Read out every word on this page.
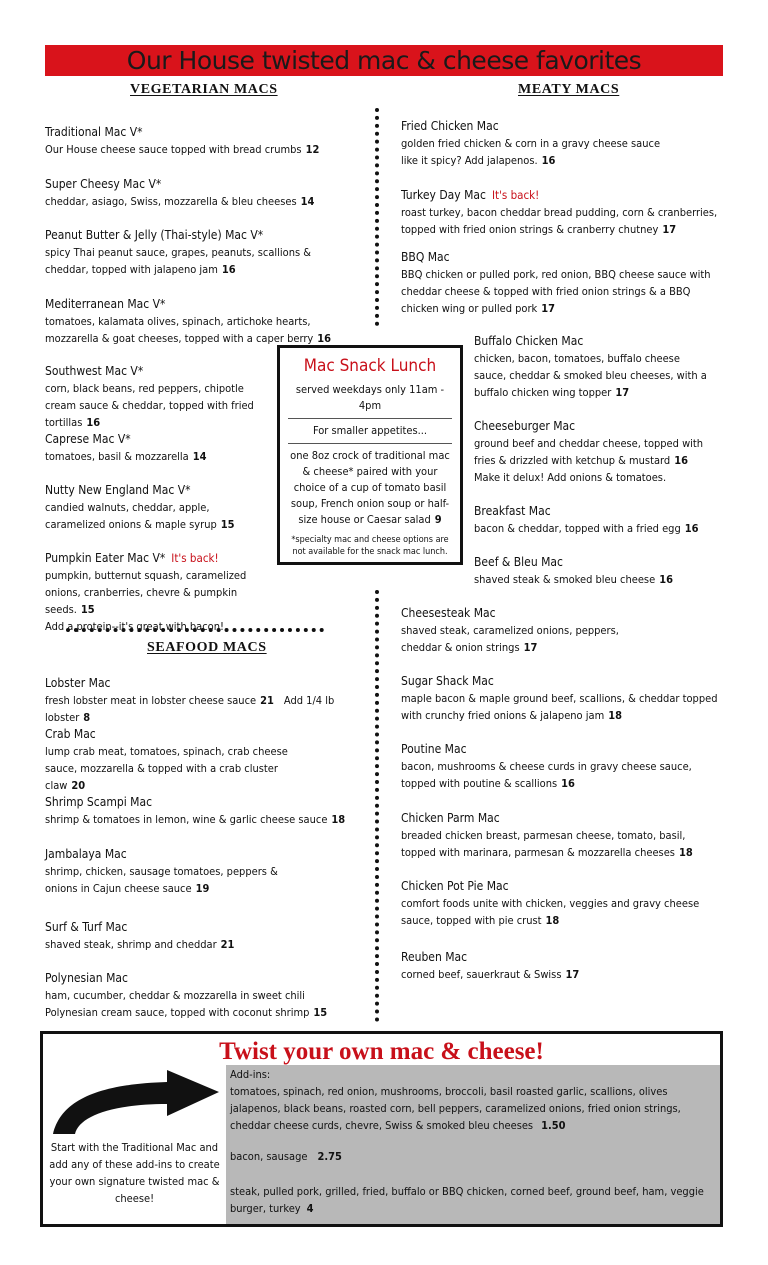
Our House twisted mac & cheese favorites
VEGETARIAN MACS
Traditional Mac V*
Our House cheese sauce topped with bread crumbs 12
Super Cheesy Mac V*
cheddar, asiago, Swiss, mozzarella & bleu cheeses 14
Peanut Butter & Jelly (Thai-style) Mac V*
spicy Thai peanut sauce, grapes, peanuts, scallions & cheddar, topped with jalapeno jam 16
Mediterranean Mac V*
tomatoes, kalamata olives, spinach, artichoke hearts, mozzarella & goat cheeses, topped with a caper berry 16
Southwest Mac V*
corn, black beans, red peppers, chipotle cream sauce & cheddar, topped with fried tortillas 16
Caprese Mac V*
tomatoes, basil & mozzarella 14
Nutty New England Mac V*
candied walnuts, cheddar, apple, caramelized onions & maple syrup 15
Pumpkin Eater Mac V* It's back!
pumpkin, butternut squash, caramelized onions, cranberries, chevre & pumpkin seeds. 15
Add a protein--it's great with bacon!
SEAFOOD MACS
Lobster Mac
fresh lobster meat in lobster cheese sauce 21 Add 1/4 lb lobster 8
Crab Mac
lump crab meat, tomatoes, spinach, crab cheese sauce, mozzarella & topped with a crab cluster claw 20
Shrimp Scampi Mac
shrimp & tomatoes in lemon, wine & garlic cheese sauce 18
Jambalaya Mac
shrimp, chicken, sausage tomatoes, peppers & onions in Cajun cheese sauce 19
Surf & Turf Mac
shaved steak, shrimp and cheddar 21
Polynesian Mac
ham, cucumber, cheddar & mozzarella in sweet chili Polynesian cream sauce, topped with coconut shrimp 15
MEATY MACS
Fried Chicken Mac
golden fried chicken & corn in a gravy cheese sauce like it spicy? Add jalapenos. 16
Turkey Day Mac It's back!
roast turkey, bacon cheddar bread pudding, corn & cranberries, topped with fried onion strings & cranberry chutney 17
BBQ Mac
BBQ chicken or pulled pork, red onion, BBQ cheese sauce with cheddar cheese & topped with fried onion strings & a BBQ chicken wing or pulled pork 17
Buffalo Chicken Mac
chicken, bacon, tomatoes, buffalo cheese sauce, cheddar & smoked bleu cheeses, with a buffalo chicken wing topper 17
Cheeseburger Mac
ground beef and cheddar cheese, topped with fries & drizzled with ketchup & mustard 16
Make it delux! Add onions & tomatoes.
Breakfast Mac
bacon & cheddar, topped with a fried egg 16
Beef & Bleu Mac
shaved steak & smoked bleu cheese 16
Cheesesteak Mac
shaved steak, caramelized onions, peppers, cheddar & onion strings 17
Sugar Shack Mac
maple bacon & maple ground beef, scallions, & cheddar topped with crunchy fried onions & jalapeno jam 18
Poutine Mac
bacon, mushrooms & cheese curds in gravy cheese sauce, topped with poutine & scallions 16
Chicken Parm Mac
breaded chicken breast, parmesan cheese, tomato, basil, topped with marinara, parmesan & mozzarella cheeses 18
Chicken Pot Pie Mac
comfort foods unite with chicken, veggies and gravy cheese sauce, topped with pie crust 18
Reuben Mac
corned beef, sauerkraut & Swiss 17
Mac Snack Lunch
served weekdays only 11am - 4pm
For smaller appetites...
one 8oz crock of traditional mac & cheese* paired with your choice of a cup of tomato basil soup, French onion soup or half-size house or Caesar salad 9
*specialty mac and cheese options are not available for the snack mac lunch.
Twist your own mac & cheese!
Start with the Traditional Mac and add any of these add-ins to create your own signature twisted mac & cheese!
Add-ins:
tomatoes, spinach, red onion, mushrooms, broccoli, basil roasted garlic, scallions, olives jalapenos, black beans, roasted corn, bell peppers, caramelized onions, fried onion strings, cheddar cheese curds, chevre, Swiss & smoked bleu cheeses 1.50
bacon, sausage 2.75
steak, pulled pork, grilled, fried, buffalo or BBQ chicken, corned beef, ground beef, ham, veggie burger, turkey 4
